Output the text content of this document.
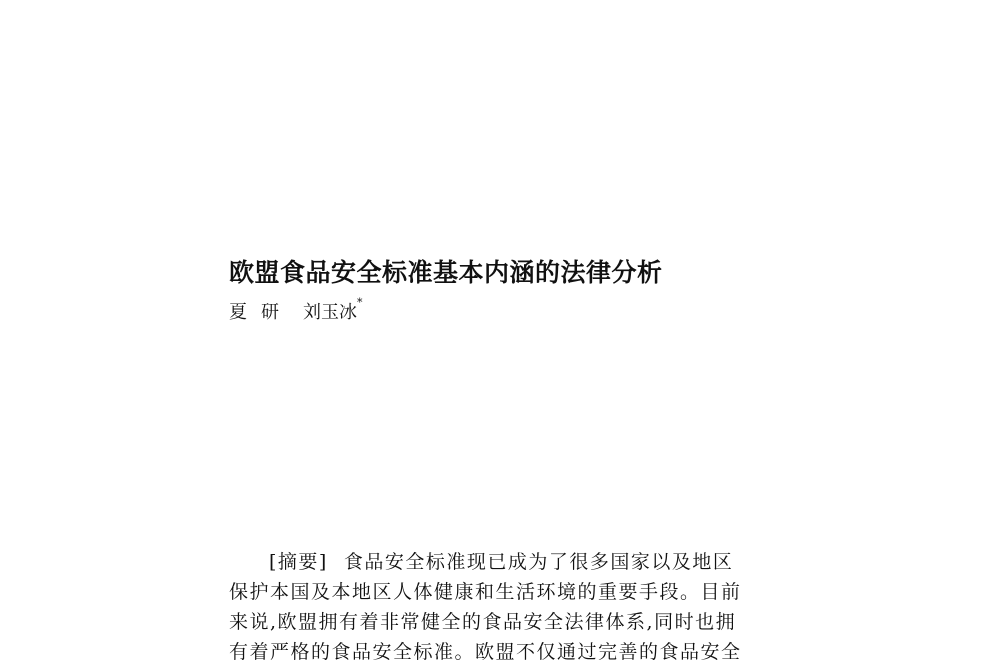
欧盟食品安全标准基本内涵的法律分析
夏 研 刘玉冰*
[摘要] 食品安全标准现已成为了很多国家以及地区
保护本国及本地区人体健康和生活环境的重要手段。目前
来说,欧盟拥有着非常健全的食品安全法律体系,同时也拥
有着严格的食品安全标准。欧盟不仅通过完善的食品安全
